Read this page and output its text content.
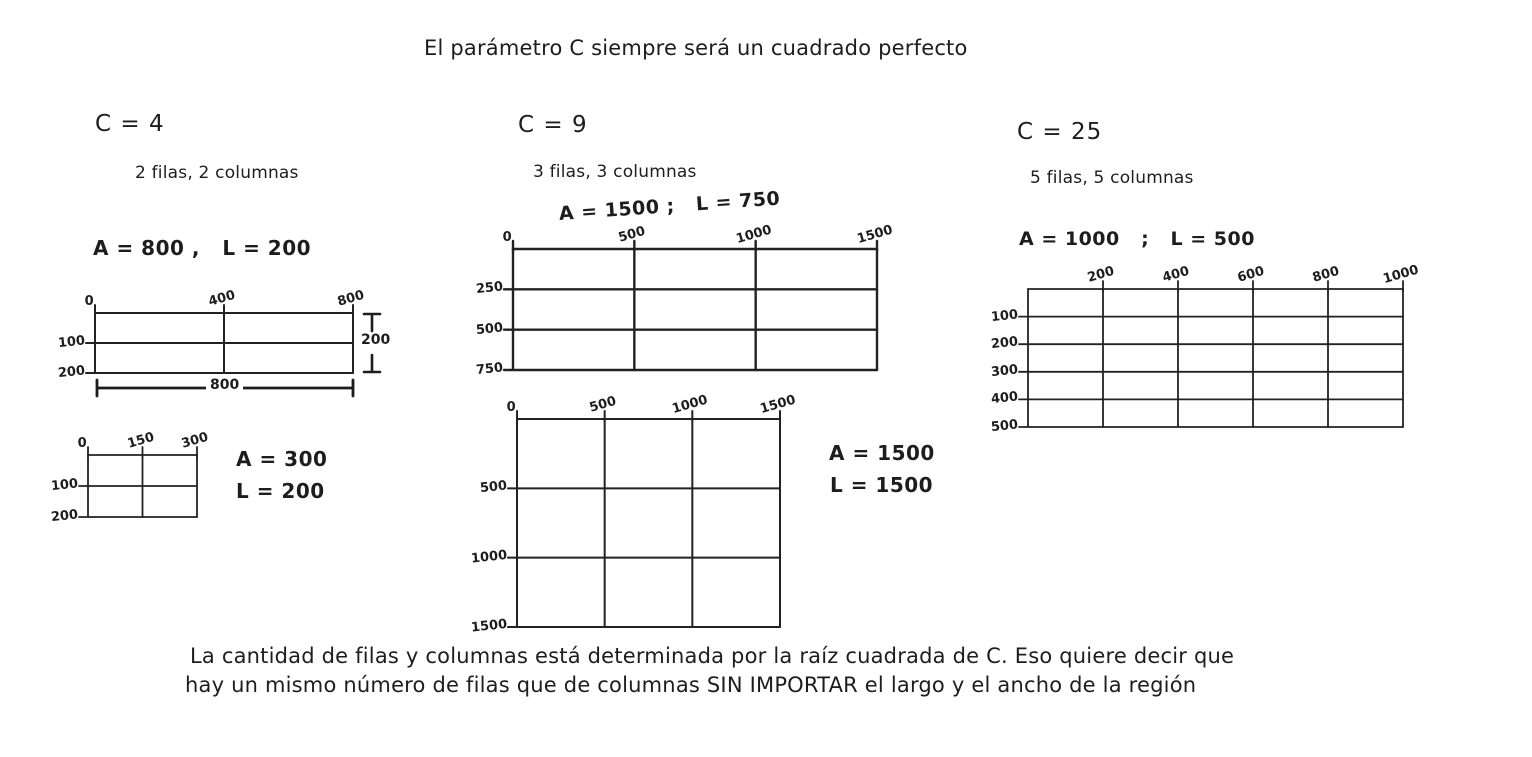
El parámetro C siempre será un cuadrado perfecto
C = 4
2 filas, 2 columnas
A = 800 ,   L = 200
0	400	800
100
200
200
800
0	150 300
100
200
A = 300
L = 200
C = 9
3 filas, 3 columnas
A = 1500 ;   L = 750
0	500	1000	1500
250
500
750
0	500	1000	1500
500
1000
1500
A = 1500
L = 1500
C = 25
5 filas, 5 columnas
A = 1000   ;   L = 500
200	400	600	800	1000
100
200
300
400
500
La cantidad de filas y columnas está determinada por la raíz cuadrada de C. Eso quiere decir que
hay un mismo número de filas que de columnas SIN IMPORTAR el largo y el ancho de la región
